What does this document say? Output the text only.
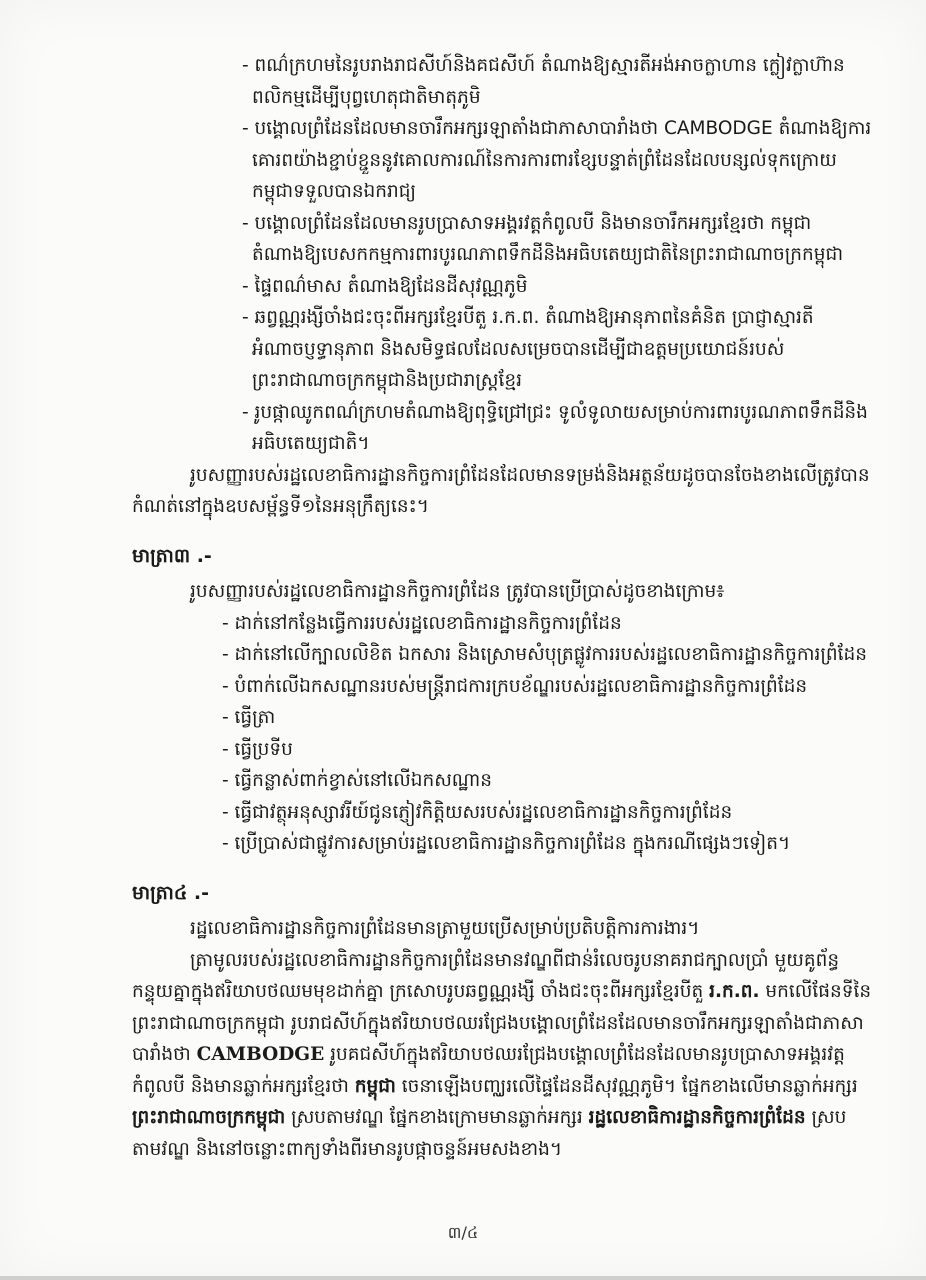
- ពណ៌ក្រហមនៃរូបរាងរាជសីហ៍និងគជសីហ៍ តំណាងឱ្យស្មារតីអង់អាចក្លាហាន ក្លៀវក្លាហ៊ានពលិកម្មដើម្បីបុព្វហេតុជាតិមាតុភូមិ

- បង្គោលព្រំដែនដែលមានចារឹកអក្សរឡាតាំងជាភាសាបារាំងថា CAMBODGE តំណាងឱ្យការគោរពយ៉ាងខ្ជាប់ខ្ជួននូវគោលការណ៍នៃការការពារខ្សែបន្ទាត់ព្រំដែនដែលបន្សល់ទុកក្រោយកម្ពុជាទទួលបានឯករាជ្យ

- បង្គោលព្រំដែនដែលមានរូបប្រាសាទអង្គរវត្តកំពូលបី និងមានចារឹកអក្សរខ្មែរថា កម្ពុជា តំណាងឱ្យបេសកកម្មការពារបូរណភាពទឹកដីនិងអធិបតេយ្យជាតិនៃព្រះរាជាណាចក្រកម្ពុជា

- ផ្ទៃពណ៌មាស តំណាងឱ្យដែនដីសុវណ្ណភូមិ

- ឆព្វណ្ណរង្សីចាំងជះចុះពីអក្សរខ្មែរបីតួ រ.ក.ព. តំណាងឱ្យអានុភាពនៃគំនិត ប្រាជ្ញាស្មារតី អំណាចប្ញទ្ធានុភាព និងសមិទ្ធផលដែលសម្រេចបានដើម្បីជាឧត្តមប្រយោជន៍របស់ព្រះរាជាណាចក្រកម្ពុជានិងប្រជារាស្ត្រខ្មែរ

- រូបផ្កាឈូកពណ៌ក្រហមតំណាងឱ្យពុទ្ធិជ្រៅជ្រះ ទូលំទូលាយសម្រាប់ការពារបូរណភាពទឹកដីនិងអធិបតេយ្យជាតិ។

រូបសញ្ញារបស់រដ្ឋលេខាធិការដ្ឋានកិច្ចការព្រំដែនដែលមានទម្រង់និងអត្ថន័យដូចបានចែងខាងលើត្រូវបានកំណត់នៅក្នុងឧបសម្ព័ន្ធទី១នៃអនុក្រឹត្យនេះ។

មាត្រា៣ .-

រូបសញ្ញារបស់រដ្ឋលេខាធិការដ្ឋានកិច្ចការព្រំដែន ត្រូវបានប្រើប្រាស់ដូចខាងក្រោម៖

- ដាក់នៅកន្លែងធ្វើការរបស់រដ្ឋលេខាធិការដ្ឋានកិច្ចការព្រំដែន

- ដាក់នៅលើក្បាលលិខិត ឯកសារ និងស្រោមសំបុត្រផ្លូវការរបស់រដ្ឋលេខាធិការដ្ឋានកិច្ចការព្រំដែន

- បំពាក់លើឯកសណ្ឋានរបស់មន្ត្រីរាជការក្របខ័ណ្ឌរបស់រដ្ឋលេខាធិការដ្ឋានកិច្ចការព្រំដែន

- ធ្វើត្រា

- ធ្វើប្រទីប

- ធ្វើកន្លាស់ពាក់ខ្វាស់នៅលើឯកសណ្ឋាន

- ធ្វើជាវត្ថុអនុស្សាវរីយ៍ជូនភ្ញៀវកិត្តិយសរបស់រដ្ឋលេខាធិការដ្ឋានកិច្ចការព្រំដែន

- ប្រើប្រាស់ជាផ្លូវការសម្រាប់រដ្ឋលេខាធិការដ្ឋានកិច្ចការព្រំដែន ក្នុងករណីផ្សេងៗទៀត។

មាត្រា៤ .-

រដ្ឋលេខាធិការដ្ឋានកិច្ចការព្រំដែនមានត្រាមួយប្រើសម្រាប់ប្រតិបត្តិការការងារ។

ត្រាមូលរបស់រដ្ឋលេខាធិការដ្ឋានកិច្ចការព្រំដែនមានវណ្ឌពីជាន់រំលេចរូបនាគរាជក្បាលប្រាំ មួយគូព័ន្ធកន្ទុយគ្នាក្នុងឥរិយាបថឈមមុខដាក់គ្នា ក្រសោបរូបឆព្វណ្ណរង្សី ចាំងជះចុះពីអក្សរខ្មែរបីតួ រ.ក.ព. មកលើផែនទីនៃព្រះរាជាណាចក្រកម្ពុជា រូបរាជសីហ៍ក្នុងឥរិយាបថឈរជ្រែងបង្គោលព្រំដែនដែលមានចារឹកអក្សរឡាតាំងជាភាសាបារាំងថា CAMBODGE រូបគជសីហ៍ក្នុងឥរិយាបថឈរជ្រែងបង្គោលព្រំដែនដែលមានរូបប្រាសាទអង្គរវត្តកំពូលបី និងមានឆ្លាក់អក្សរខ្មែរថា កម្ពុជា ចេនាឡើងបញ្ឈរលើផ្ទៃដែនដីសុវណ្ណភូមិ។ ផ្នែកខាងលើមានឆ្លាក់អក្សរ ព្រះរាជាណាចក្រកម្ពុជា ស្របតាមវណ្ឌ ផ្នែកខាងក្រោមមានឆ្លាក់អក្សរ រដ្ឋលេខាធិការដ្ឋានកិច្ចការព្រំដែន ស្របតាមវណ្ឌ និងនៅចន្លោះពាក្យទាំងពីរមានរូបផ្កាចន្ទន៍អមសងខាង។

៣/៤
